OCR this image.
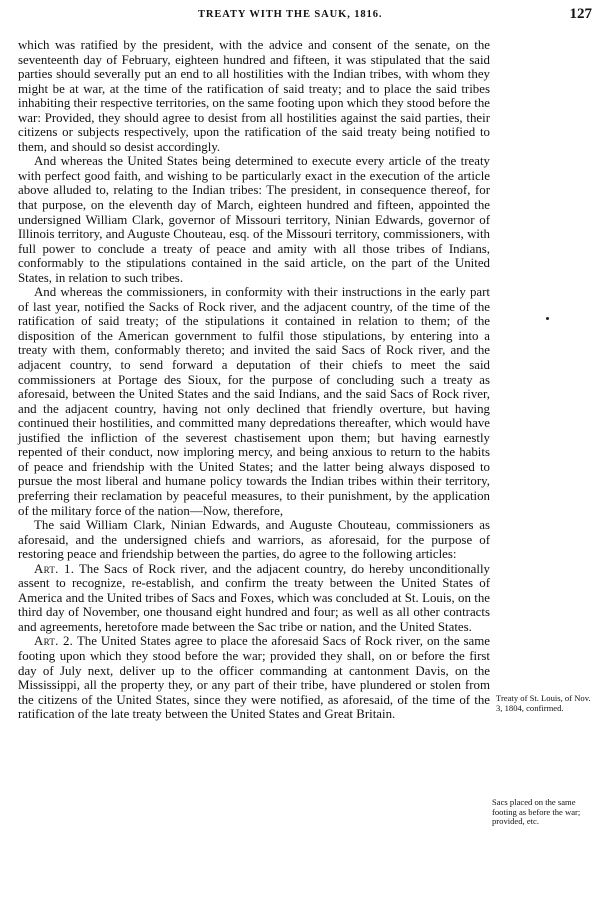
TREATY WITH THE SAUK, 1816.	127

which was ratified by the president, with the advice and consent of the senate, on the seventeenth day of February, eighteen hundred and fifteen, it was stipulated that the said parties should severally put an end to all hostilities with the Indian tribes, with whom they might be at war, at the time of the ratification of said treaty; and to place the said tribes inhabiting their respective territories, on the same footing upon which they stood before the war: Provided, they should agree to desist from all hostilities against the said parties, their citizens or subjects respectively, upon the ratification of the said treaty being notified to them, and should so desist accordingly.

And whereas the United States being determined to execute every article of the treaty with perfect good faith, and wishing to be particularly exact in the execution of the article above alluded to, relating to the Indian tribes: The president, in consequence thereof, for that purpose, on the eleventh day of March, eighteen hundred and fifteen, appointed the undersigned William Clark, governor of Missouri territory, Ninian Edwards, governor of Illinois territory, and Auguste Chouteau, esq. of the Missouri territory, commissioners, with full power to conclude a treaty of peace and amity with all those tribes of Indians, conformably to the stipulations contained in the said article, on the part of the United States, in relation to such tribes.

And whereas the commissioners, in conformity with their instructions in the early part of last year, notified the Sacks of Rock river, and the adjacent country, of the time of the ratification of said treaty; of the stipulations it contained in relation to them; of the disposition of the American government to fulfil those stipulations, by entering into a treaty with them, conformably thereto; and invited the said Sacs of Rock river, and the adjacent country, to send forward a deputation of their chiefs to meet the said commissioners at Portage des Sioux, for the purpose of concluding such a treaty as aforesaid, between the United States and the said Indians, and the said Sacs of Rock river, and the adjacent country, having not only declined that friendly overture, but having continued their hostilities, and committed many depredations thereafter, which would have justified the infliction of the severest chastisement upon them; but having earnestly repented of their conduct, now imploring mercy, and being anxious to return to the habits of peace and friendship with the United States; and the latter being always disposed to pursue the most liberal and humane policy towards the Indian tribes within their territory, preferring their reclamation by peaceful measures, to their punishment, by the application of the military force of the nation—Now, therefore,

The said William Clark, Ninian Edwards, and Auguste Chouteau, commissioners as aforesaid, and the undersigned chiefs and warriors, as aforesaid, for the purpose of restoring peace and friendship between the parties, do agree to the following articles:

Art. 1. The Sacs of Rock river, and the adjacent country, do hereby unconditionally assent to recognize, re-establish, and confirm the treaty between the United States of America and the United tribes of Sacs and Foxes, which was concluded at St. Louis, on the third day of November, one thousand eight hundred and four; as well as all other contracts and agreements, heretofore made between the Sac tribe or nation, and the United States.

Art. 2. The United States agree to place the aforesaid Sacs of Rock river, on the same footing upon which they stood before the war; provided they shall, on or before the first day of July next, deliver up to the officer commanding at cantonment Davis, on the Mississippi, all the property they, or any part of their tribe, have plundered or stolen from the citizens of the United States, since they were notified, as aforesaid, of the time of the ratification of the late treaty between the United States and Great Britain.

Treaty of St. Louis, of Nov. 3, 1804, confirmed.
Sacs placed on the same footing as before the war; provided, etc.
